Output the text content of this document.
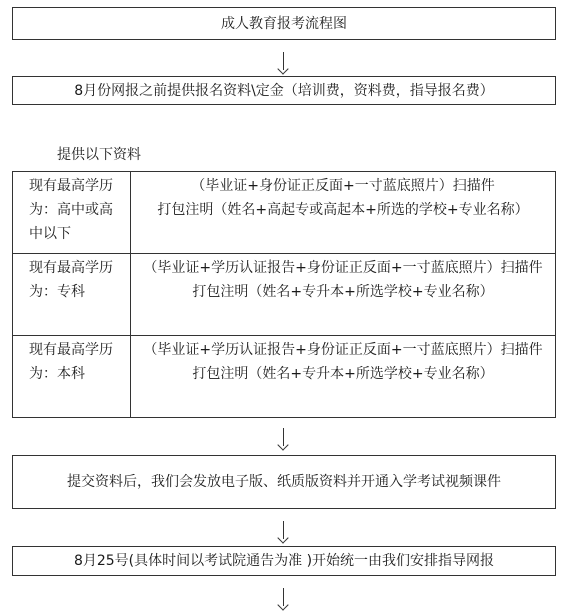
成人教育报考流程图
8月份网报之前提供报名资料\定金（培训费，资料费，指导报名费）
提供以下资料
现有最高学历为：高中或高中以下	（毕业证+身份证正反面+一寸蓝底照片）扫描件
打包注明（姓名+高起专或高起本+所选的学校+专业名称）

现有最高学历为：专科	（毕业证+学历认证报告+身份证正反面+一寸蓝底照片）扫描件
打包注明（姓名+专升本+所选学校+专业名称）

现有最高学历为：本科	（毕业证+学历认证报告+身份证正反面+一寸蓝底照片）扫描件
打包注明（姓名+专升本+所选学校+专业名称）
提交资料后，我们会发放电子版、纸质版资料并开通入学考试视频课件
8月25号(具体时间以考试院通告为准 )开始统一由我们安排指导网报
